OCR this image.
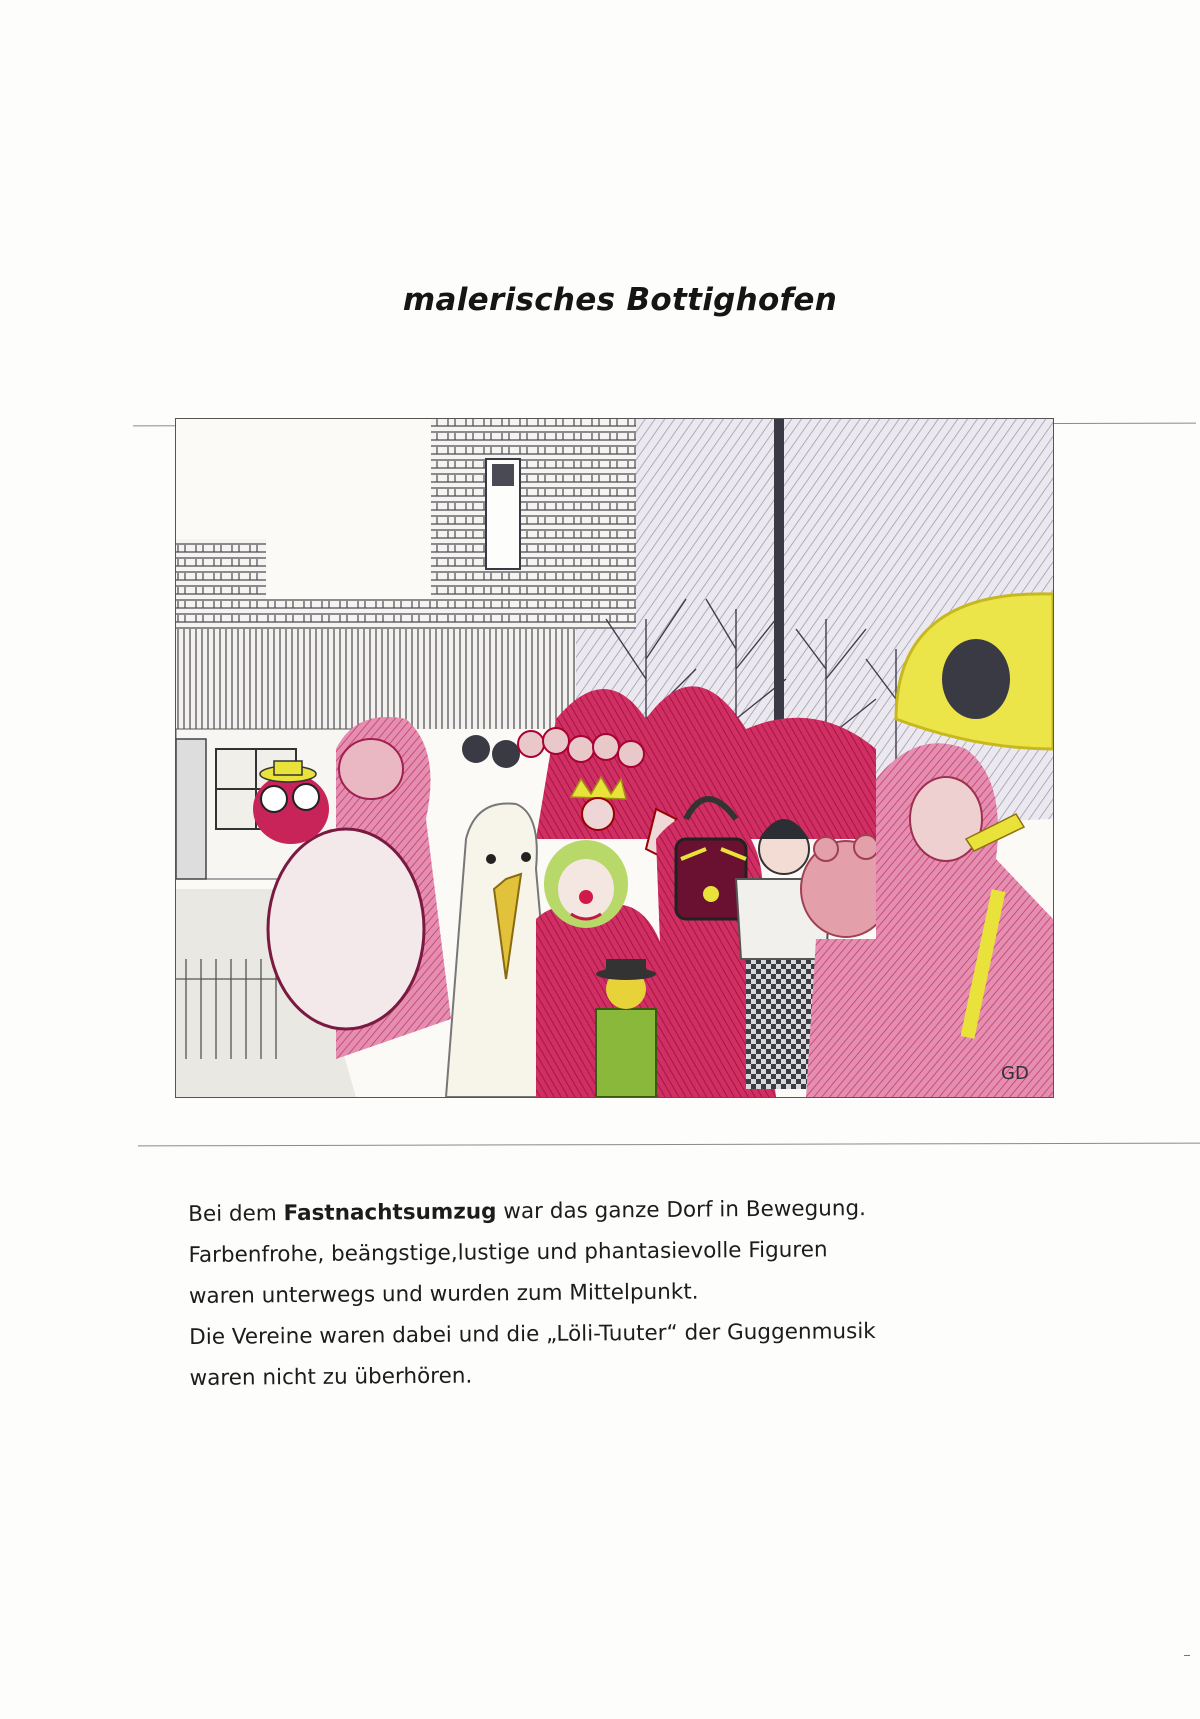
malerisches Bottighofen
GD

Bei dem Fastnachtsumzug war das ganze Dorf in Bewegung.

Farbenfrohe, beängstige,lustige und phantasievolle Figuren

waren unterwegs und wurden zum Mittelpunkt.

Die Vereine waren dabei und die „Löli-Tuuter“ der Guggenmusik

waren nicht zu überhören.
